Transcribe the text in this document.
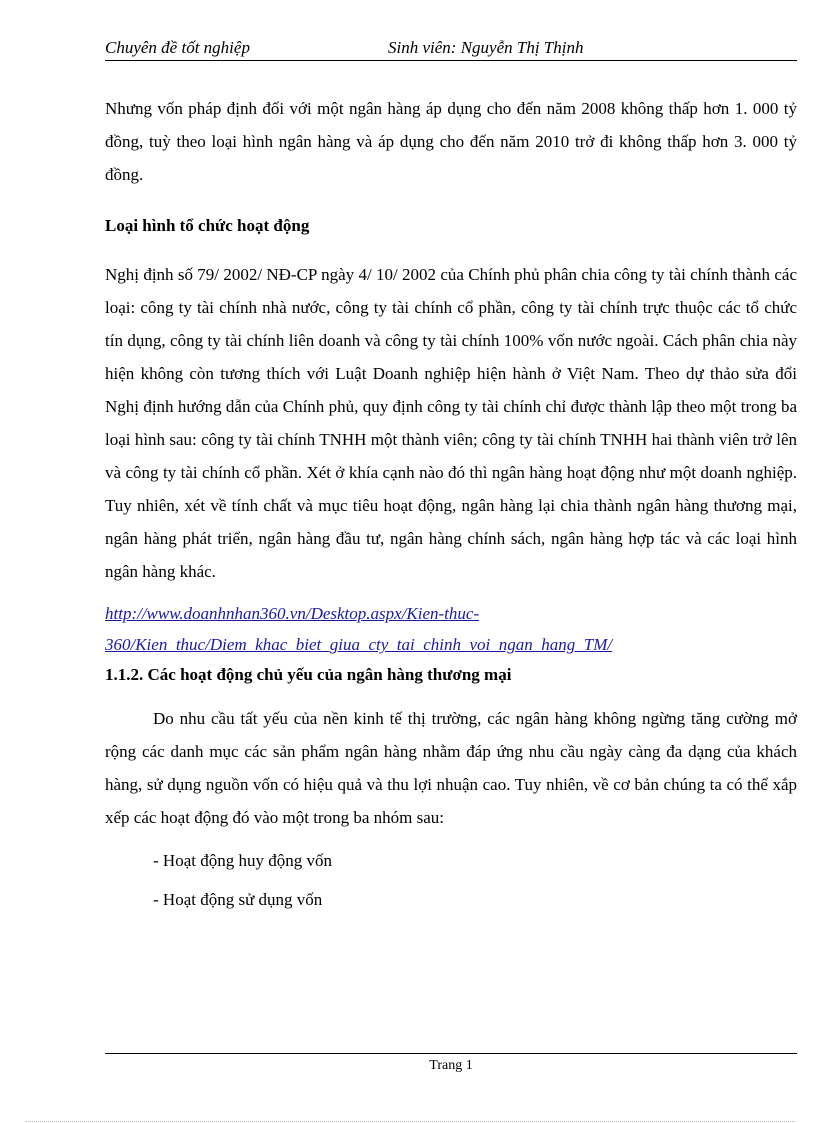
Chuyên đề tốt nghiệp	Sinh viên: Nguyễn Thị Thịnh

Nhưng vốn pháp định đối với một ngân hàng áp dụng cho đến năm 2008 không thấp hơn 1. 000 tỷ đồng, tuỳ theo loại hình ngân hàng và áp dụng cho đến năm 2010 trở đi không thấp hơn 3. 000 tỷ đồng.

Loại hình tổ chức hoạt động

Nghị định số 79/ 2002/ NĐ-CP ngày 4/ 10/ 2002 của Chính phủ phân chia công ty tài chính thành các loại: công ty tài chính nhà nước, công ty tài chính cổ phần, công ty tài chính trực thuộc các tổ chức tín dụng, công ty tài chính liên doanh và công ty tài chính 100% vốn nước ngoài. Cách phân chia này hiện không còn tương thích với Luật Doanh nghiệp hiện hành ở Việt Nam. Theo dự thảo sửa đổi Nghị định hướng dẫn của Chính phủ, quy định công ty tài chính chỉ được thành lập theo một trong ba loại hình sau: công ty tài chính TNHH một thành viên; công ty tài chính TNHH hai thành viên trở lên và công ty tài chính cổ phần. Xét ở khía cạnh nào đó thì ngân hàng hoạt động như một doanh nghiệp. Tuy nhiên, xét về tính chất và mục tiêu hoạt động, ngân hàng lại chia thành ngân hàng thương mại, ngân hàng phát triển, ngân hàng đầu tư, ngân hàng chính sách, ngân hàng hợp tác và các loại hình ngân hàng khác.

http://www.doanhnhan360.vn/Desktop.aspx/Kien-thuc-
360/Kien_thuc/Diem_khac_biet_giua_cty_tai_chinh_voi_ngan_hang_TM/

1.1.2. Các hoạt động chủ yếu của ngân hàng thương mại

Do nhu cầu tất yếu của nền kinh tế thị trường, các ngân hàng không ngừng tăng cường mở rộng các danh mục các sản phẩm ngân hàng nhằm đáp ứng nhu cầu ngày càng đa dạng của khách hàng, sử dụng nguồn vốn có hiệu quả và thu lợi nhuận cao. Tuy nhiên, về cơ bản chúng ta có thể xắp xếp các hoạt động đó vào một trong ba nhóm sau:

- Hoạt động huy động vốn

- Hoạt động sử dụng vốn

Trang 1
